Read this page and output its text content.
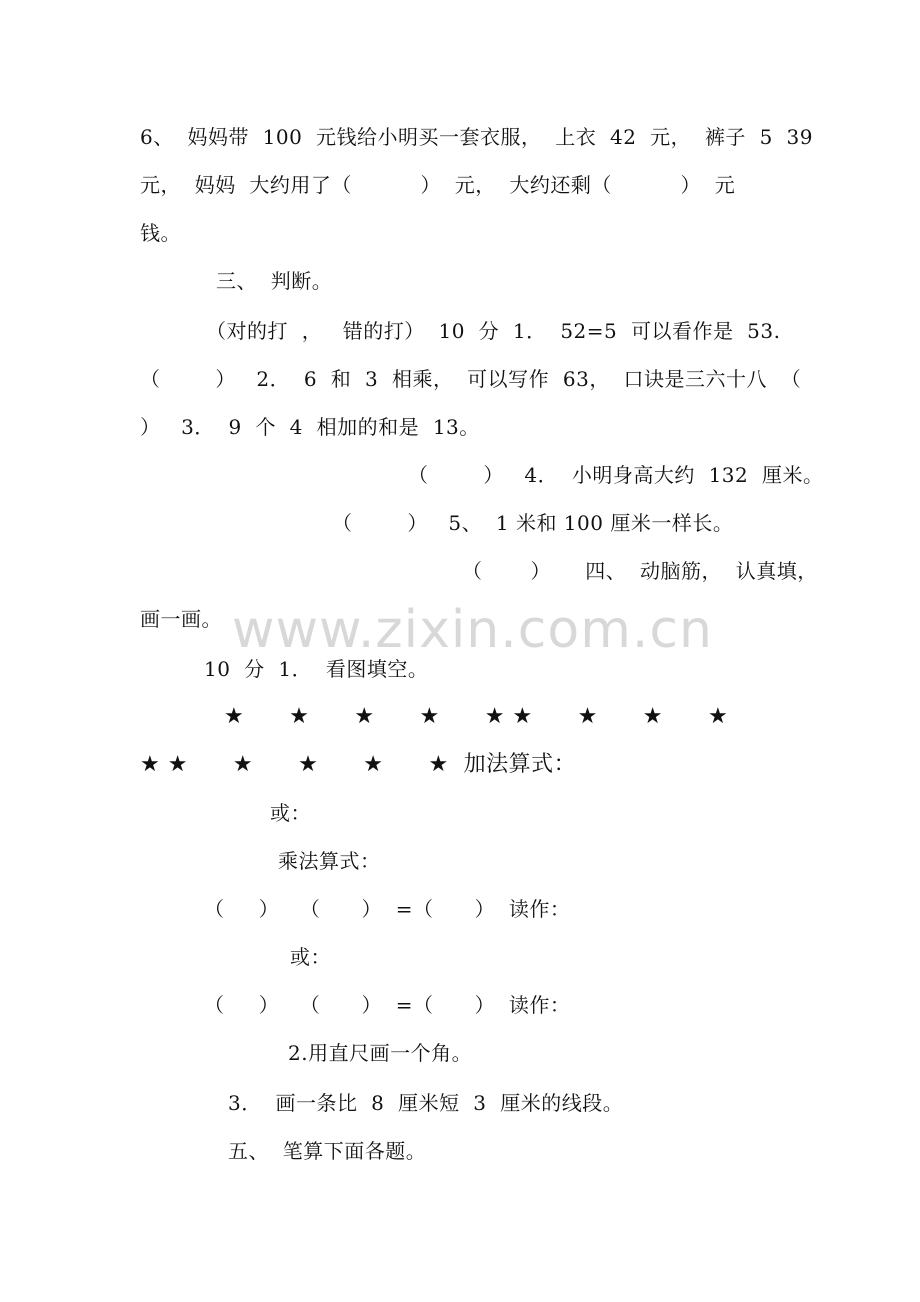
www.zixin.com.cn
6、  妈妈带  100  元钱给小明买一套衣服，  上衣  42  元，  裤子  5  39
元，  妈妈  大约用了（          ）  元，  大约还剩（          ）  元
钱。
三、  判断。
（对的打  ，   错的打）  10  分  1．  52=5  可以看作是  53.
（        ）   2．  6  和  3  相乘，  可以写作  63，  口诀是三六十八  （
）   3．  9  个  4  相加的和是  13。
（        ）   4．  小明身高大约  132  厘米。
（        ）   5、  1 米和 100 厘米一样长。
（       ）     四、  动脑筋，  认真填，
画一画。
10  分  1．  看图填空。
★      ★      ★      ★      ★ ★      ★      ★      ★
★ ★      ★      ★      ★      ★  加法算式：
或：
乘法算式：
（     ）   （      ）  =（      ）  读作：
或：
（     ）   （      ）  =（      ）  读作：
2.用直尺画一个角。
3．  画一条比  8  厘米短  3  厘米的线段。
五、  笔算下面各题。
